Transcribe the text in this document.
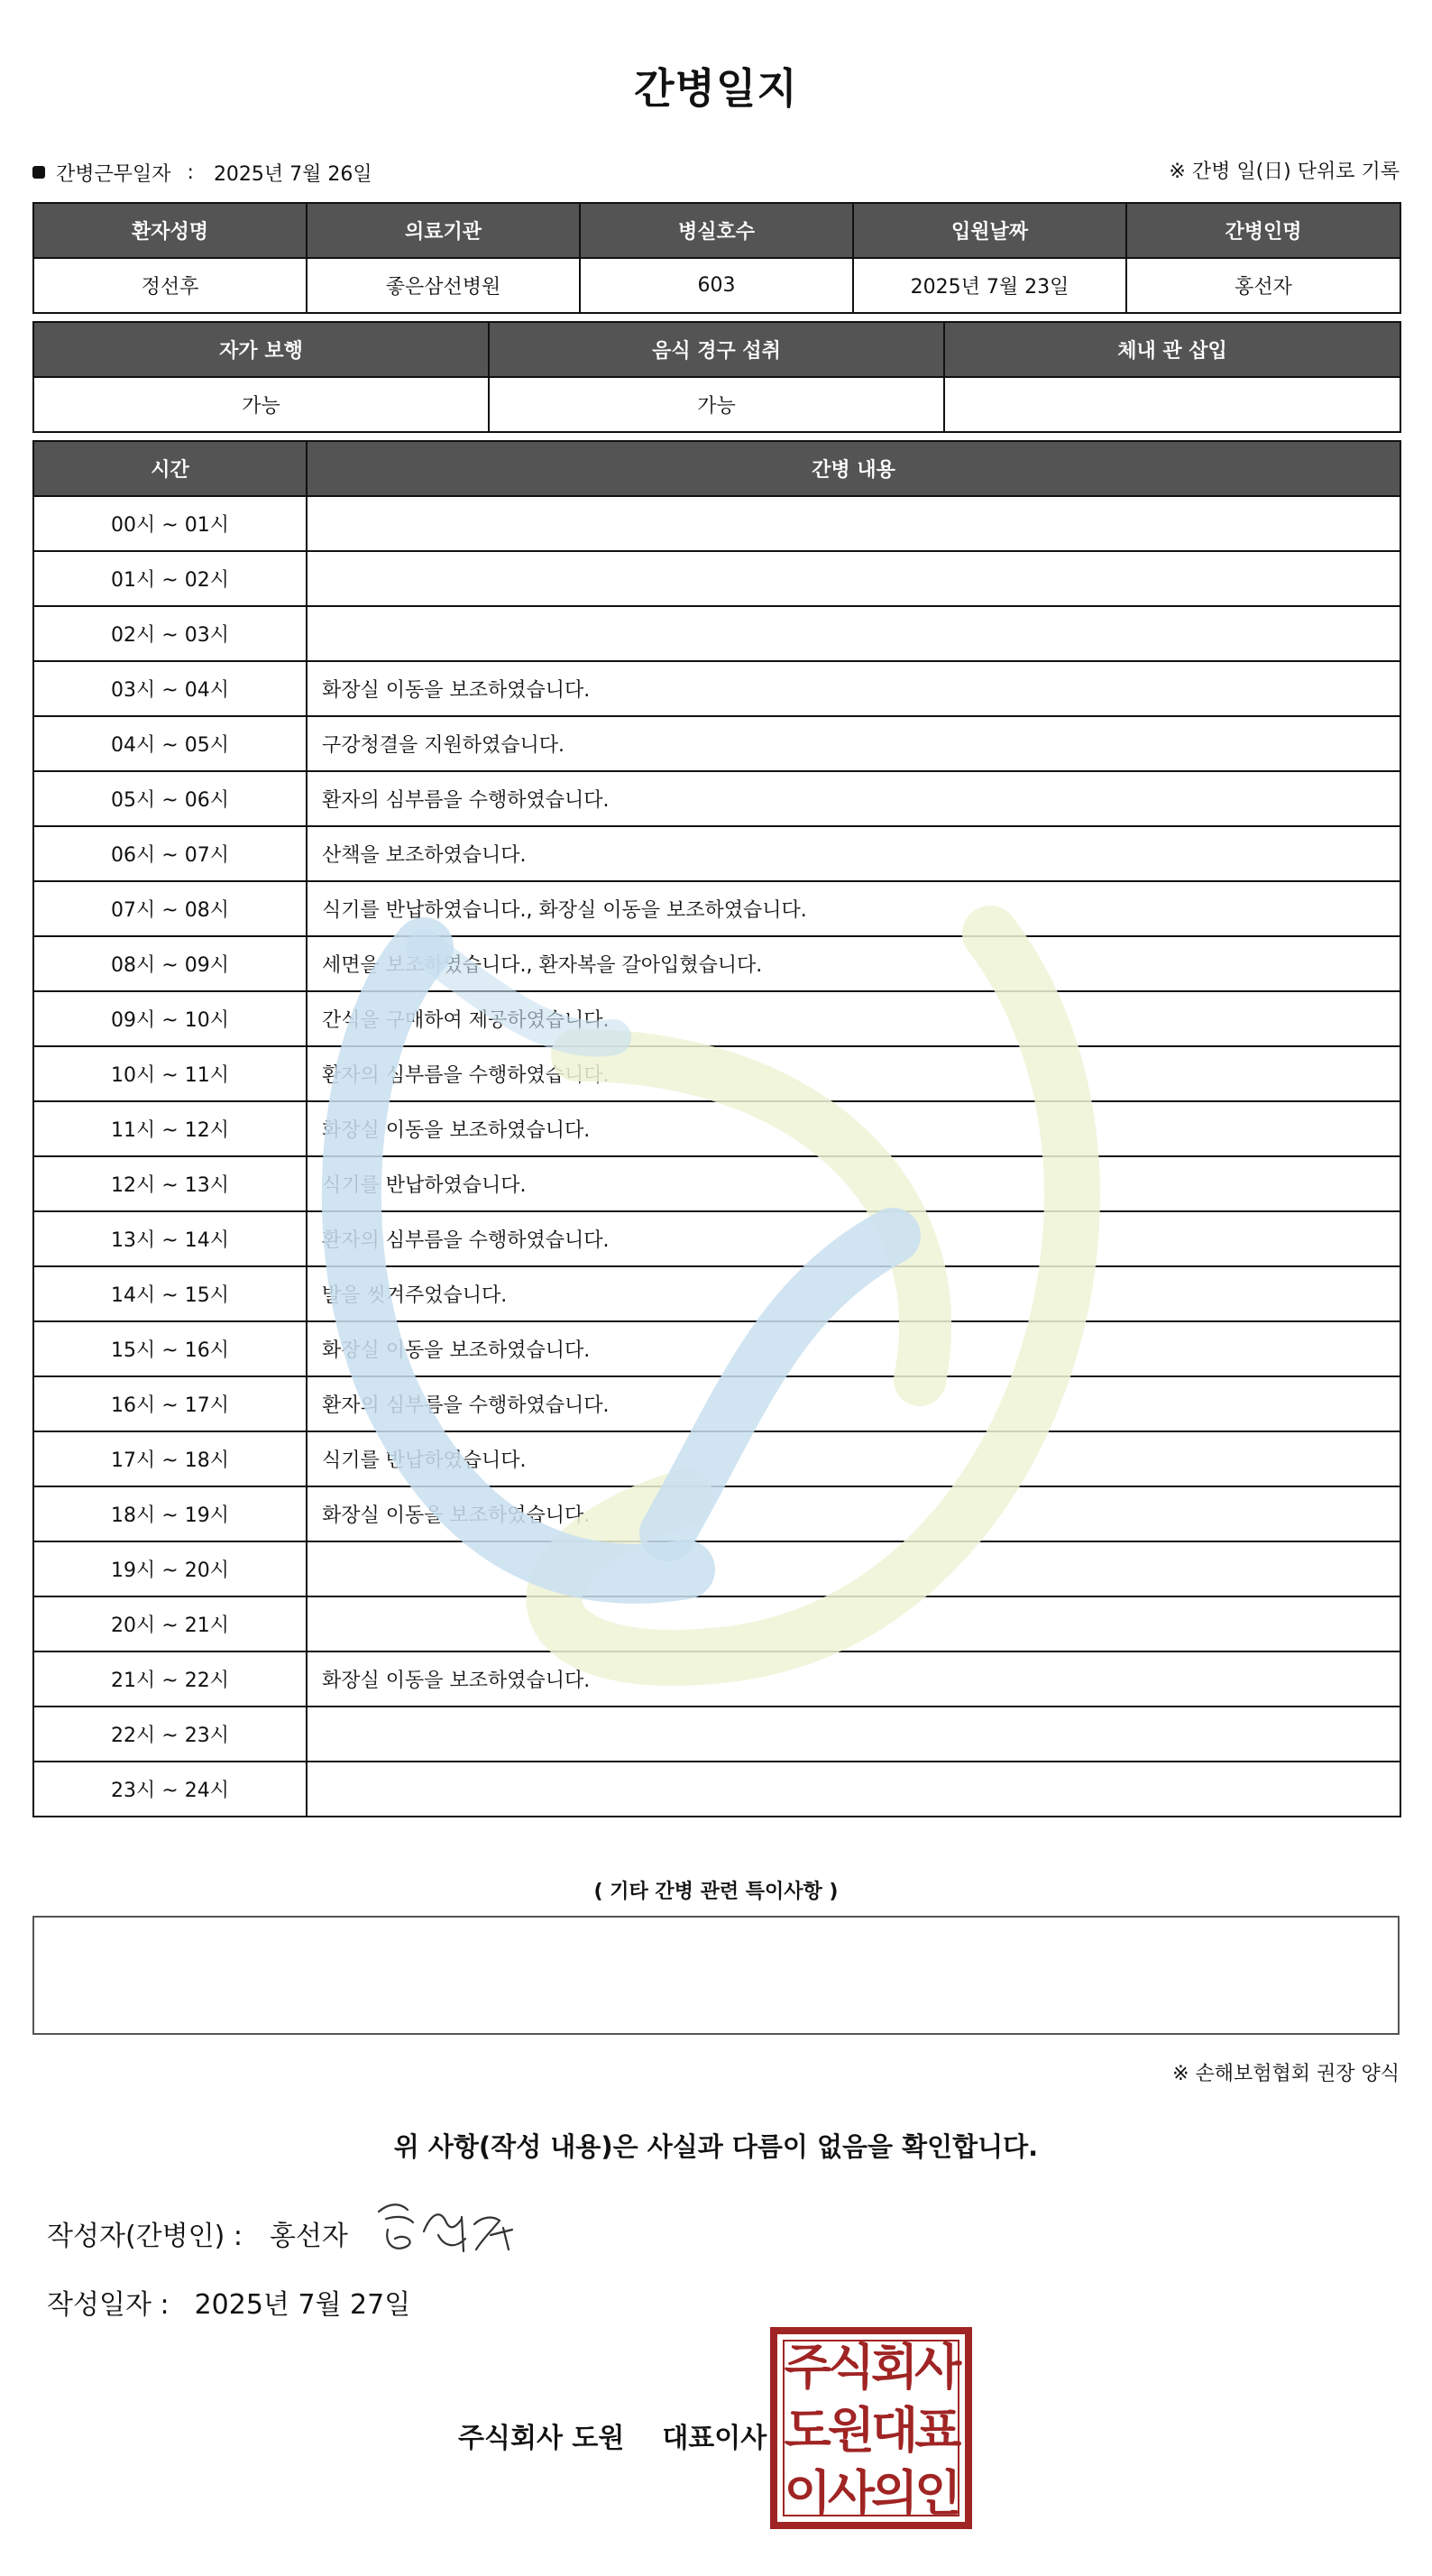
간병일지
간병근무일자 : 2025년 7월 26일	※ 간병 일(日) 단위로 기록
환자성명	의료기관	병실호수	입원날짜	간병인명
정선후	좋은삼선병원	603	2025년 7월 23일	홍선자
자가 보행	음식 경구 섭취	체내 관 삽입
가능	가능	
시간	간병 내용
00시 ~ 01시	
01시 ~ 02시	
02시 ~ 03시	
03시 ~ 04시	화장실 이동을 보조하였습니다.
04시 ~ 05시	구강청결을 지원하였습니다.
05시 ~ 06시	환자의 심부름을 수행하였습니다.
06시 ~ 07시	산책을 보조하였습니다.
07시 ~ 08시	식기를 반납하였습니다., 화장실 이동을 보조하였습니다.
08시 ~ 09시	세면을 보조하였습니다., 환자복을 갈아입혔습니다.
09시 ~ 10시	간식을 구매하여 제공하였습니다.
10시 ~ 11시	환자의 심부름을 수행하였습니다.
11시 ~ 12시	화장실 이동을 보조하였습니다.
12시 ~ 13시	식기를 반납하였습니다.
13시 ~ 14시	환자의 심부름을 수행하였습니다.
14시 ~ 15시	발을 씻겨주었습니다.
15시 ~ 16시	화장실 이동을 보조하였습니다.
16시 ~ 17시	환자의 심부름을 수행하였습니다.
17시 ~ 18시	식기를 반납하였습니다.
18시 ~ 19시	화장실 이동을 보조하였습니다.
19시 ~ 20시	
20시 ~ 21시	
21시 ~ 22시	화장실 이동을 보조하였습니다.
22시 ~ 23시	
23시 ~ 24시	
( 기타 간병 관련 특이사항 )
※ 손해보험협회 권장 양식
위 사항(작성 내용)은 사실과 다름이 없음을 확인합니다.
작성자(간병인) : 홍선자
작성일자 : 2025년 7월 27일
주식회사 도원 대표이사
주식회사
도원대표
이사의인
